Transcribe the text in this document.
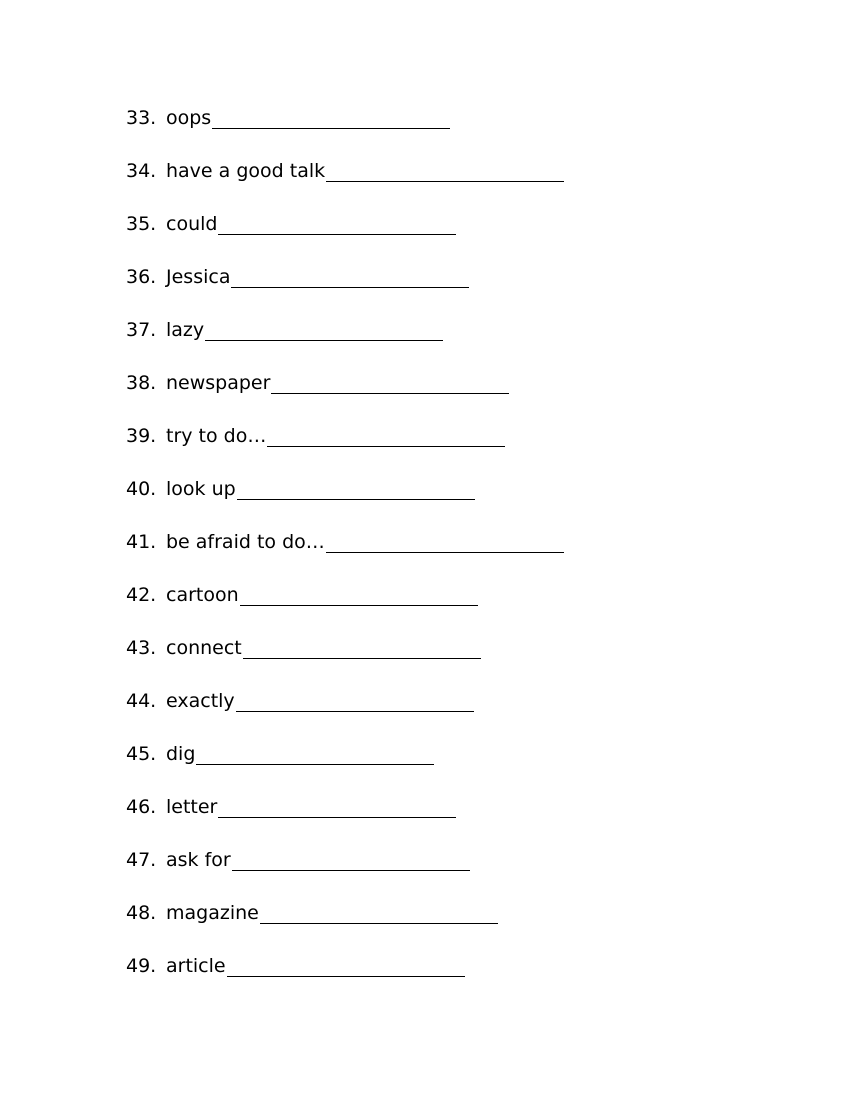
33. oops
34. have a good talk
35. could
36. Jessica
37. lazy
38. newspaper
39. try to do…
40. look up
41. be afraid to do…
42. cartoon
43. connect
44. exactly
45. dig
46. letter
47. ask for
48. magazine
49. article
